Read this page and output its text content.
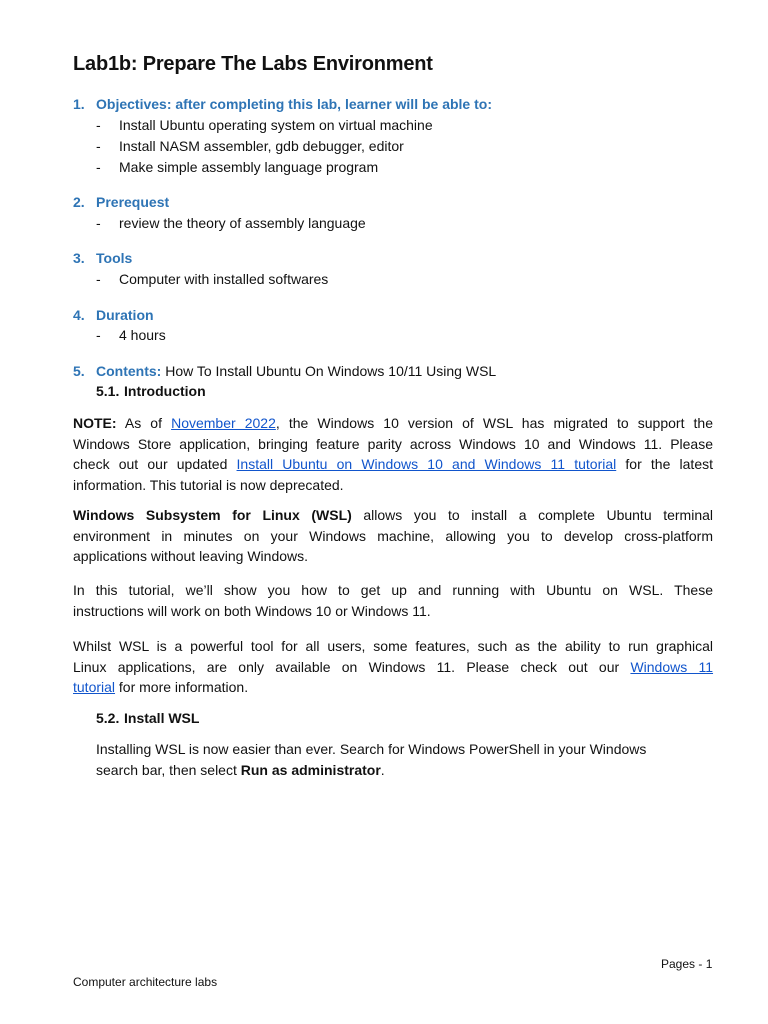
Lab1b: Prepare The Labs Environment
1. Objectives: after completing this lab, learner will be able to:
- Install Ubuntu operating system on virtual machine
- Install NASM assembler, gdb debugger, editor
- Make simple assembly language program
2. Prerequest
- review the theory of assembly language
3. Tools
- Computer with installed softwares
4. Duration
- 4 hours
5. Contents: How To Install Ubuntu On Windows 10/11 Using WSL
5.1. Introduction
NOTE: As of November 2022, the Windows 10 version of WSL has migrated to support the
Windows Store application, bringing feature parity across Windows 10 and Windows 11. Please
check out our updated Install Ubuntu on Windows 10 and Windows 11 tutorial for the latest
information. This tutorial is now deprecated.
Windows Subsystem for Linux (WSL) allows you to install a complete Ubuntu terminal
environment in minutes on your Windows machine, allowing you to develop cross-platform
applications without leaving Windows.
In this tutorial, we’ll show you how to get up and running with Ubuntu on WSL. These
instructions will work on both Windows 10 or Windows 11.
Whilst WSL is a powerful tool for all users, some features, such as the ability to run graphical
Linux applications, are only available on Windows 11. Please check out our Windows 11
tutorial for more information.
5.2. Install WSL
Installing WSL is now easier than ever. Search for Windows PowerShell in your Windows
search bar, then select Run as administrator.
Pages - 1
Computer architecture labs
